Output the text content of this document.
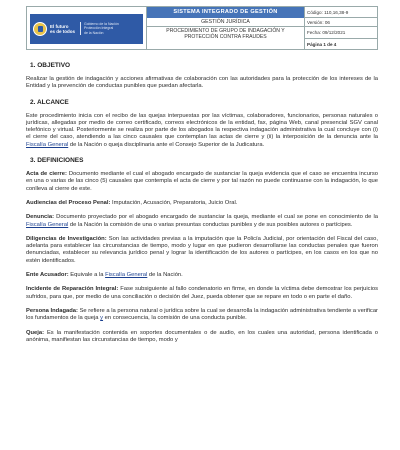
El futuro
es de todos
Gobierno de la Nación
Protección Integral
de la Nación
SISTEMA INTEGRADO DE GESTIÓN
GESTIÓN JURÍDICA
PROCEDIMIENTO DE GRUPO DE INDAGACIÓN Y
PROTECCIÓN CONTRA FRAUDES
Código: 110,16,38-9
Versión: 06
Fecha: 09/12/2021
Página 1 de 4
1. OBJETIVO

Realizar la gestión de indagación y acciones afirmativas de colaboración con las autoridades para la protección de los intereses de la Entidad y la prevención de conductas punibles que puedan afectarla.

2. ALCANCE

Este procedimiento inicia con el recibo de las quejas interpuestas por las víctimas, colaboradores, funcionarios, personas naturales o jurídicas, allegadas por medio de correo certificado, correos electrónicos de la entidad, fax, página Web, canal presencial SGV canal telefónico y virtual. Posteriormente se realiza por parte de los abogados la respectiva indagación administrativa la cual concluye con (i) el cierre del caso, atendiendo a las cinco causales que contemplan las actas de cierre y (ii) la interposición de la denuncia ante la Fiscalía General de la Nación o queja disciplinaria ante el Consejo Superior de la Judicatura.

3. DEFINICIONES

Acta de cierre: Documento mediante el cual el abogado encargado de sustanciar la queja evidencia que el caso se encuentra incurso en una o varias de las cinco (5) causales que contempla el acta de cierre y por tal razón no puede continuarse con la indagación, lo que conlleva al cierre de este.

Audiencias del Proceso Penal: Imputación, Acusación, Preparatoria, Juicio Oral.

Denuncia: Documento proyectado por el abogado encargado de sustanciar la queja, mediante el cual se pone en conocimiento de la Fiscalía General de la Nación la comisión de una o varias presuntas conductas punibles y de sus posibles autores o partícipes.

Diligencias de Investigación: Son las actividades previas a la imputación que la Policía Judicial, por orientación del Fiscal del caso, adelanta para establecer las circunstancias de tiempo, modo y lugar en que pudieron desarrollarse las conductas penales que fueron denunciadas, establecer su relevancia jurídico penal y lograr la identificación de los autores o partícipes, en los casos en los que no estén identificados.

Ente Acusador: Equivale a la Fiscalía General de la Nación.

Incidente de Reparación Integral: Fase subsiguiente al fallo condenatorio en firme, en donde la víctima debe demostrar los perjuicios sufridos, para que, por medio de una conciliación o decisión del Juez, pueda obtener que se repare en todo o en parte el daño.

Persona Indagada: Se refiere a la persona natural o jurídica sobre la cual se desarrolla la indagación administrativa tendiente a verificar los fundamentos de la queja y en consecuencia, la comisión de una conducta punible.

Queja: Es la manifestación contenida en soportes documentales o de audio, en los cuales una autoridad, persona identificada o anónima, manifiestan las circunstancias de tiempo, modo y
